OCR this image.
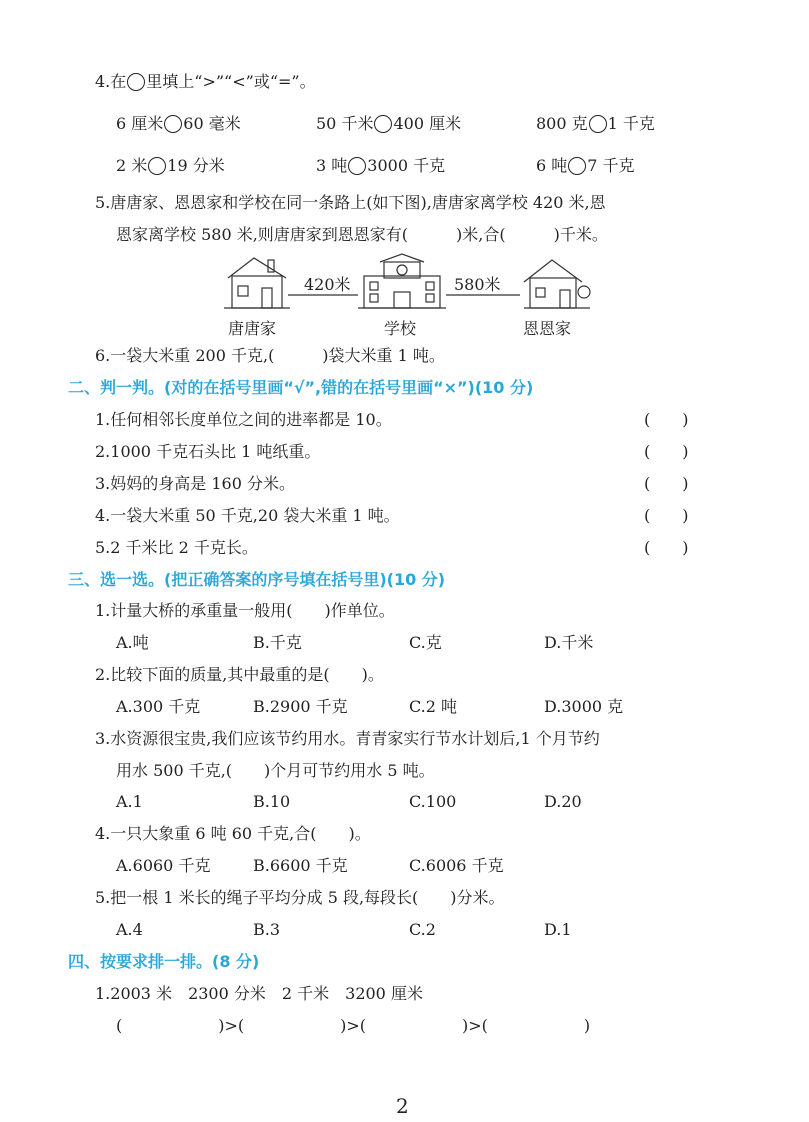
4.在 里填上“>”“<”或“=”。
6 厘米 60 毫米	50 千米 400 厘米	800 克 1 千克
2 米 19 分米	3 吨 3000 千克	6 吨 7 千克
5.唐唐家、恩恩家和学校在同一条路上(如下图),唐唐家离学校 420 米,恩
恩家离学校 580 米,则唐唐家到恩恩家有(　　　)米,合(　　　)千米。
420米	580米
唐唐家	学校	恩恩家
6.一袋大米重 200 千克,(　　　)袋大米重 1 吨。
二、判一判。(对的在括号里画“√”,错的在括号里画“×”)(10 分)
1.任何相邻长度单位之间的进率都是 10。	(　　)
2.1000 千克石头比 1 吨纸重。	(　　)
3.妈妈的身高是 160 分米。	(　　)
4.一袋大米重 50 千克,20 袋大米重 1 吨。	(　　)
5.2 千米比 2 千克长。	(　　)
三、选一选。(把正确答案的序号填在括号里)(10 分)
1.计量大桥的承重量一般用(　　)作单位。
A.吨	B.千克	C.克	D.千米
2.比较下面的质量,其中最重的是(　　)。
A.300 千克	B.2900 千克	C.2 吨	D.3000 克
3.水资源很宝贵,我们应该节约用水。青青家实行节水计划后,1 个月节约
用水 500 千克,(　　)个月可节约用水 5 吨。
A.1	B.10	C.100	D.20
4.一只大象重 6 吨 60 千克,合(　　)。
A.6060 千克	B.6600 千克	C.6006 千克
5.把一根 1 米长的绳子平均分成 5 段,每段长(　　)分米。
A.4	B.3	C.2	D.1
四、按要求排一排。(8 分)
1.2003 米　2300 分米　2 千米　3200 厘米
(　　　　　　)>(　　　　　　)>(　　　　　　)>(　　　　　　)
2
